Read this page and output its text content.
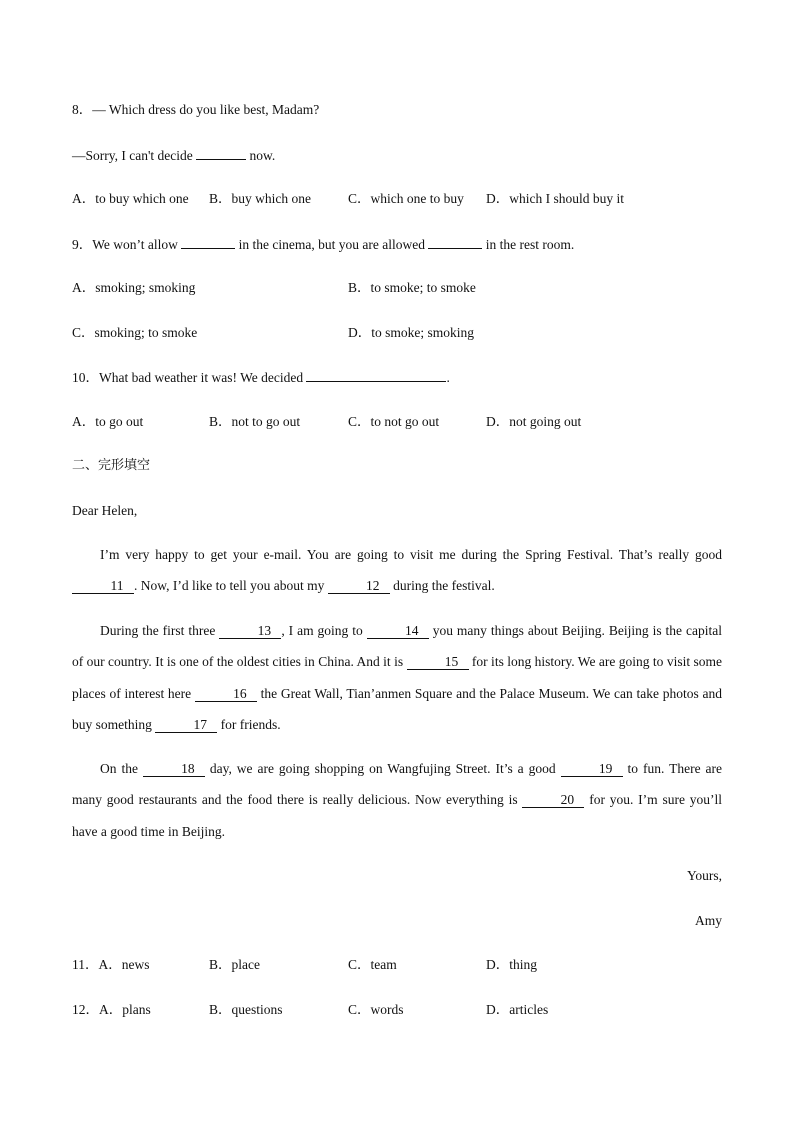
8．— Which dress do you like best, Madam?
—Sorry, I can't decide	now.
A．to buy which one B．buy which one	C．which one to buy D．which I should buy it
9．We won’t allow	in the cinema, but you are allowed	in the rest room.
A．smoking; smoking	B．to smoke; to smoke
C．smoking; to smoke	D．to smoke; smoking
10．What bad weather it was! We decided	.
A．to go out	B．not to go out	C．to not go out	D．not going out
二、完形填空
Dear Helen,
I’m very happy to get your e-mail. You are going to visit me during the Spring Festival. That’s really good 11 . Now, I’d like to tell you about my	12 during the festival.
During the first three	13 , I am going to	14 you many things about Beijing. Beijing is the capital of our country. It is one of the oldest cities in China. And it is	15 for its long history. We are going to visit some places of interest here	16 the Great Wall, Tian’anmen Square and the Palace Museum. We can take photos and buy something	17 for friends.
On the	18 day, we are going shopping on Wangfujing Street. It’s a good	19 to fun. There are many good restaurants and the food there is really delicious. Now everything is	20 for you. I’m sure you’ll have a good time in Beijing.
Yours,
Amy
11．A．news	B．place	C．team	D．thing
12．A．plans	B．questions	C．words	D．articles
